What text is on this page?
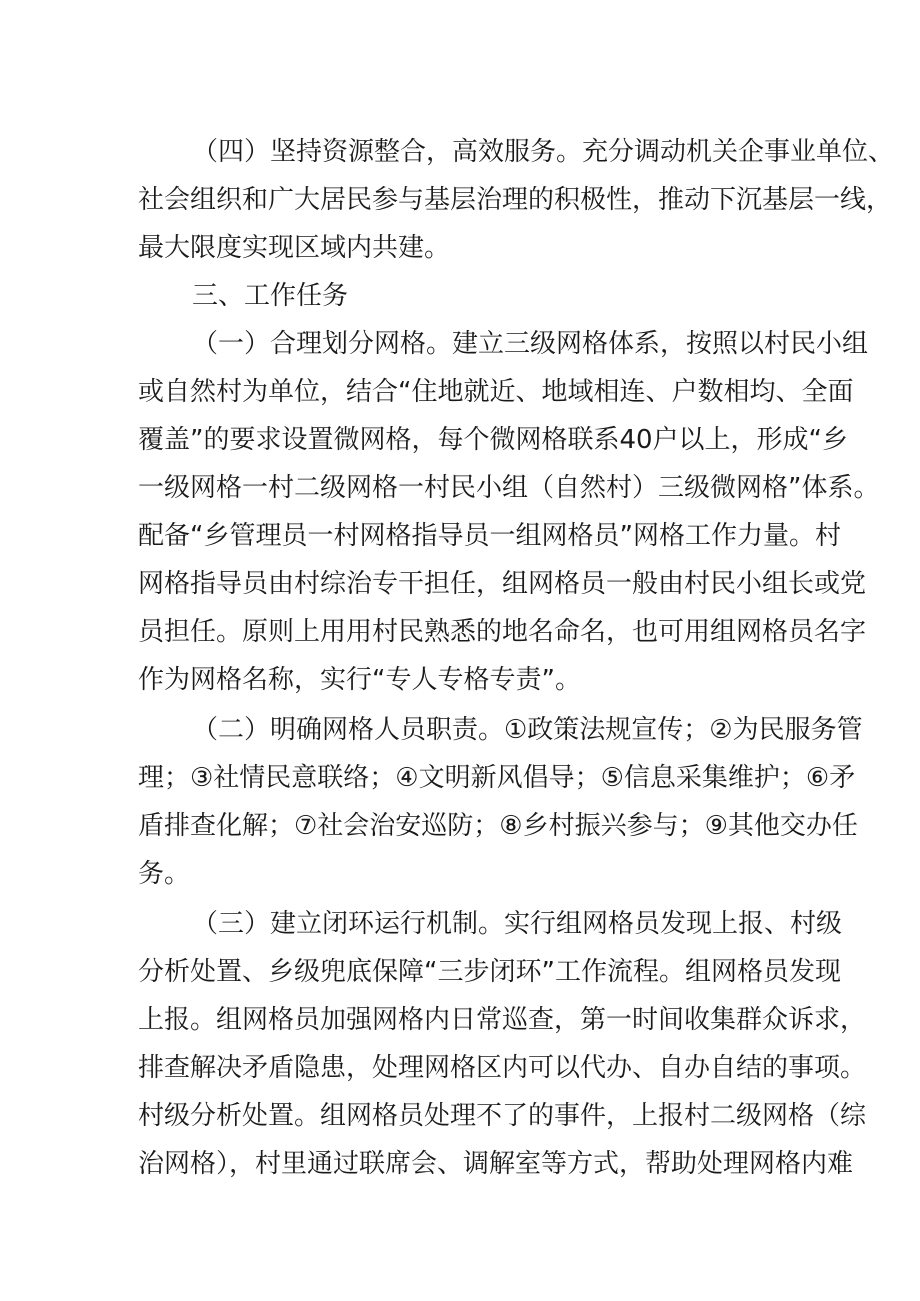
（四）坚持资源整合，高效服务。充分调动机关企事业单位、
社会组织和广大居民参与基层治理的积极性，推动下沉基层一线，
最大限度实现区域内共建。
三、工作任务
（一）合理划分网格。建立三级网格体系，按照以村民小组
或自然村为单位，结合“住地就近、地域相连、户数相均、全面
覆盖”的要求设置微网格，每个微网格联系40户以上，形成“乡
一级网格一村二级网格一村民小组（自然村）三级微网格”体系。
配备“乡管理员一村网格指导员一组网格员”网格工作力量。村
网格指导员由村综治专干担任，组网格员一般由村民小组长或党
员担任。原则上用用村民熟悉的地名命名，也可用组网格员名字
作为网格名称，实行“专人专格专责”。
（二）明确网格人员职责。①政策法规宣传；②为民服务管
理；③社情民意联络；④文明新风倡导；⑤信息采集维护；⑥矛
盾排查化解；⑦社会治安巡防；⑧乡村振兴参与；⑨其他交办任
务。
（三）建立闭环运行机制。实行组网格员发现上报、村级
分析处置、乡级兜底保障“三步闭环”工作流程。组网格员发现
上报。组网格员加强网格内日常巡查，第一时间收集群众诉求，
排查解决矛盾隐患，处理网格区内可以代办、自办自结的事项。
村级分析处置。组网格员处理不了的事件，上报村二级网格（综
治网格），村里通过联席会、调解室等方式，帮助处理网格内难
